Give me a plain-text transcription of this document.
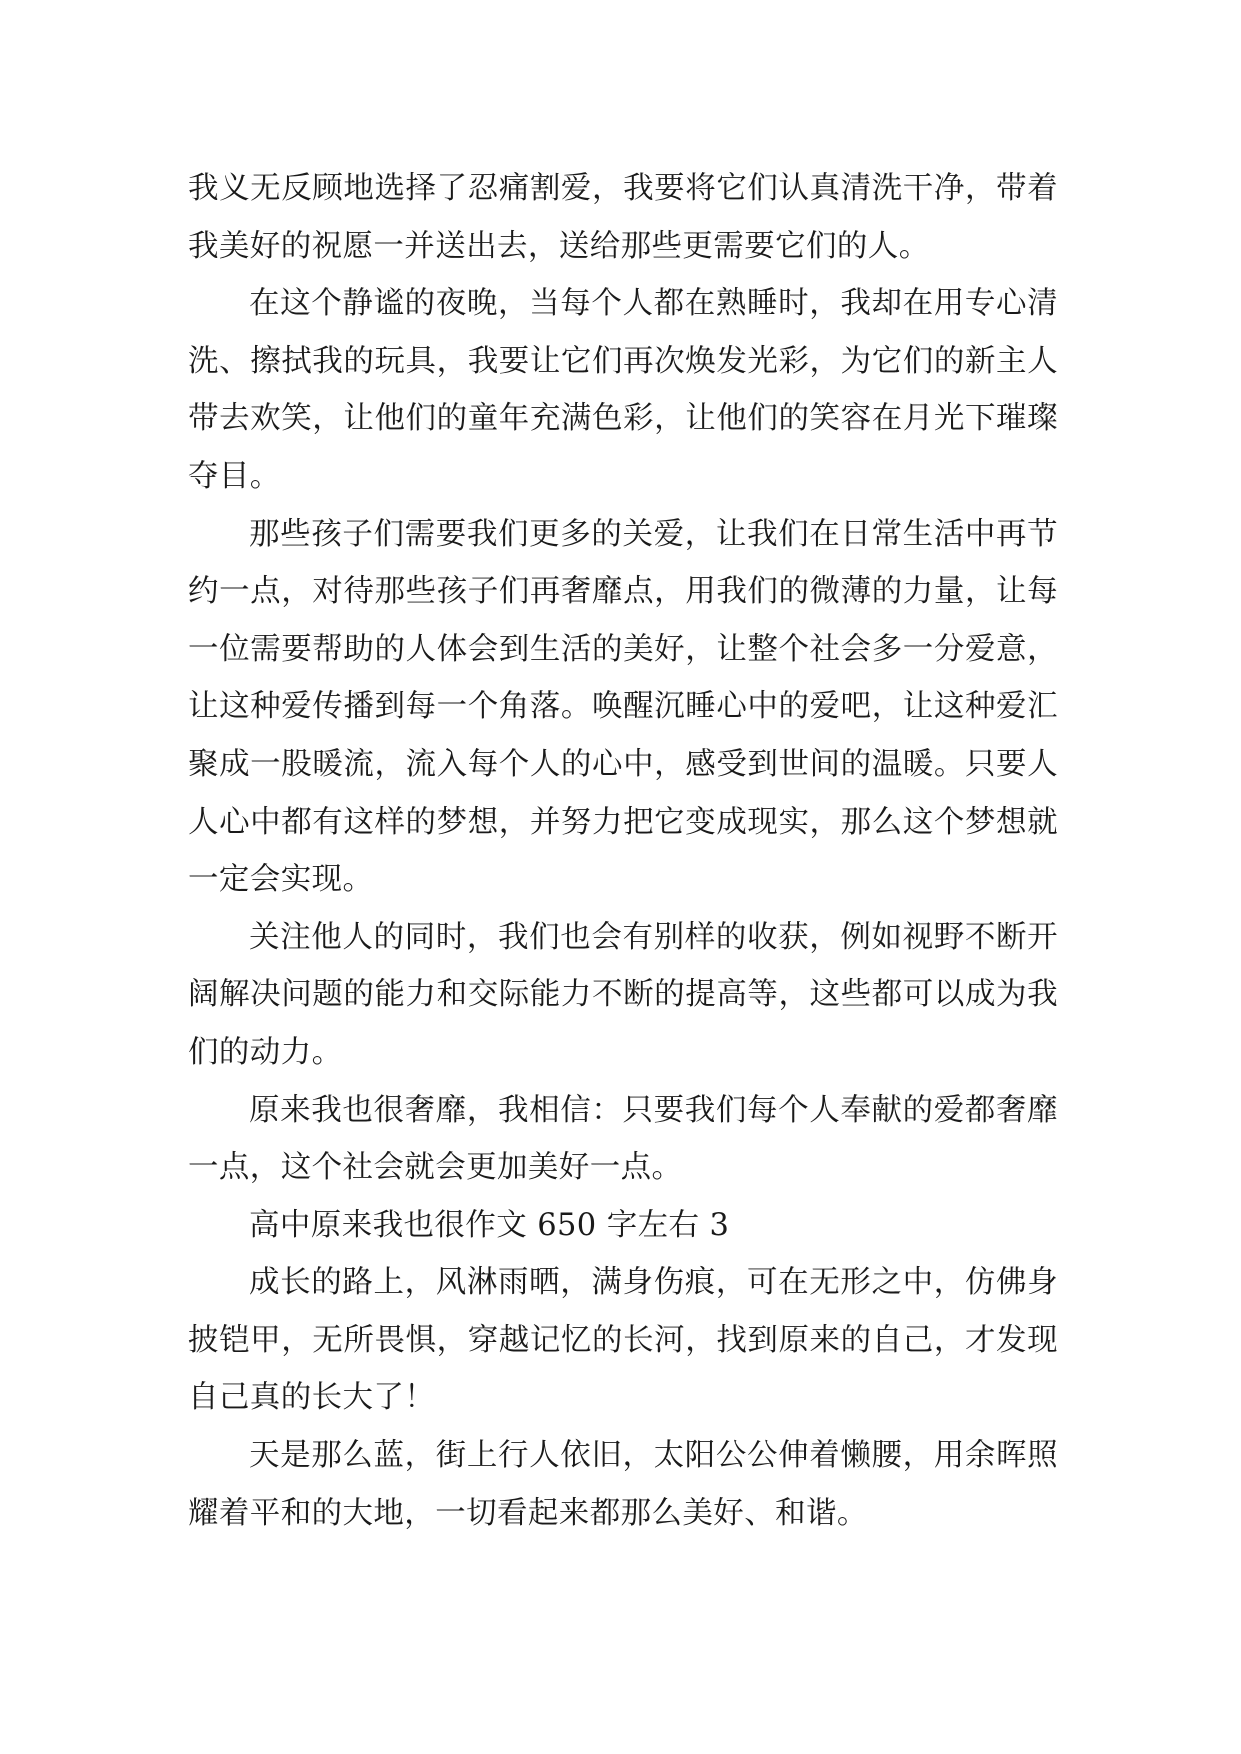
我义无反顾地选择了忍痛割爱，我要将它们认真清洗干净，带着我美好的祝愿一并送出去，送给那些更需要它们的人。

在这个静谧的夜晚，当每个人都在熟睡时，我却在用专心清洗、擦拭我的玩具，我要让它们再次焕发光彩，为它们的新主人带去欢笑，让他们的童年充满色彩，让他们的笑容在月光下璀璨夺目。

那些孩子们需要我们更多的关爱，让我们在日常生活中再节约一点，对待那些孩子们再奢靡点，用我们的微薄的力量，让每一位需要帮助的人体会到生活的美好，让整个社会多一分爱意，让这种爱传播到每一个角落。唤醒沉睡心中的爱吧，让这种爱汇聚成一股暖流，流入每个人的心中，感受到世间的温暖。只要人人心中都有这样的梦想，并努力把它变成现实，那么这个梦想就一定会实现。

关注他人的同时，我们也会有别样的收获，例如视野不断开阔解决问题的能力和交际能力不断的提高等，这些都可以成为我们的动力。

原来我也很奢靡，我相信：只要我们每个人奉献的爱都奢靡一点，这个社会就会更加美好一点。

高中原来我也很作文 650 字左右 3

成长的路上，风淋雨晒，满身伤痕，可在无形之中，仿佛身披铠甲，无所畏惧，穿越记忆的长河，找到原来的自己，才发现自己真的长大了！

天是那么蓝，街上行人依旧，太阳公公伸着懒腰，用余晖照耀着平和的大地，一切看起来都那么美好、和谐。
